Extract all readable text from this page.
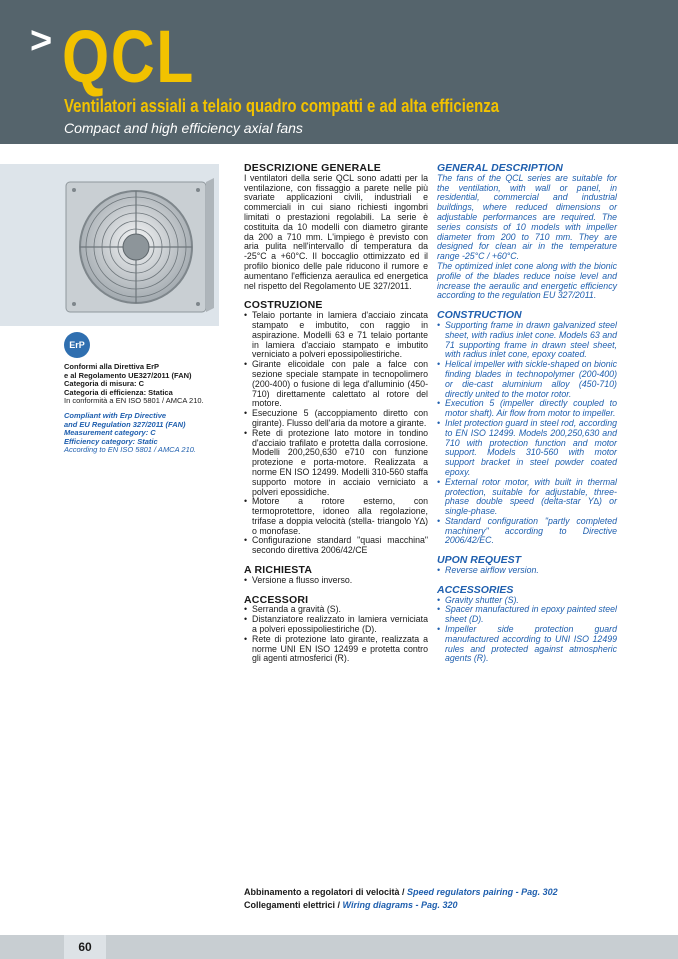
> QCL
Ventilatori assiali a telaio quadro compatti e ad alta efficienza
Compact and high efficiency axial fans
ErP
Conformi alla Direttiva ErP
e al Regolamento UE327/2011 (FAN)
Categoria di misura: C
Categoria di efficienza: Statica
In conformità a EN ISO 5801 / AMCA 210.
Compliant with Erp Directive
and EU Regulation 327/2011 (FAN)
Measurement category: C
Efficiency category: Static
According to EN ISO 5801 / AMCA 210.
DESCRIZIONE GENERALE

I ventilatori della serie QCL sono adatti per la ventilazione, con fissaggio a parete nelle più svariate applicazioni civili, industriali e commerciali in cui siano richiesti ingombri limitati o prestazioni regolabili. La serie è costituita da 10 modelli con diametro girante da 200 a 710 mm. L'impiego è previsto con aria pulita nell'intervallo di temperatura da -25°C a +60°C. Il boccaglio ottimizzato ed il profilo bionico delle pale riducono il rumore e aumentano l'efficienza aeraulica ed energetica nel rispetto del Regolamento UE 327/2011.

COSTRUZIONE
• Telaio portante in lamiera d'acciaio zincata stampato e imbutito, con raggio in aspirazione. Modelli 63 e 71 telaio portante in lamiera d'acciaio stampato e imbutito verniciato a polveri epossipoliestiriche.
• Girante elicoidale con pale a falce con sezione speciale stampate in tecnopolimero (200-400) o fusione di lega d'alluminio (450-710) direttamente calettato al rotore del motore.
• Esecuzione 5 (accoppiamento diretto con girante). Flusso dell'aria da motore a girante.
• Rete di protezione lato motore in tondino d'acciaio trafilato e protetta dalla corrosione. Modelli 200,250,630 e710 con funzione protezione e porta-motore. Realizzata a norme EN ISO 12499. Modelli 310-560 staffa supporto motore in acciaio verniciato a polveri epossidiche.
• Motore a rotore esterno, con termoprotettore, idoneo alla regolazione, trifase a doppia velocità (stella- triangolo Y∆) o monofase.
• Configurazione standard "quasi macchina" secondo direttiva 2006/42/CE
A RICHIESTA
• Versione a flusso inverso.
ACCESSORI
• Serranda a gravità (S).
• Distanziatore realizzato in lamiera verniciata a polveri epossipoliestiriche (D).
• Rete di protezione lato girante, realizzata a norme UNI EN ISO 12499 e protetta contro gli agenti atmosferici (R).
GENERAL DESCRIPTION

The fans of the QCL series are suitable for the ventilation, with wall or panel, in residential, commercial and industrial buildings, where reduced dimensions or adjustable performances are required. The series consists of 10 models with impeller diameter from 200 to 710 mm. They are designed for clean air in the temperature range -25°C / +60°C.

The optimized inlet cone along with the bionic profile of the blades reduce noise level and increase the aeraulic and energetic efficiency according to the regulation EU 327/2011.

CONSTRUCTION
• Supporting frame in drawn galvanized steel sheet, with radius inlet cone. Models 63 and 71 supporting frame in drawn steel sheet, with radius inlet cone, epoxy coated.
• Helical impeller with sickle-shaped on bionic finding blades in technopolymer (200-400) or die-cast aluminium alloy (450-710) directly united to the motor rotor.
• Execution 5 (impeller directly coupled to motor shaft). Air flow from motor to impeller.
• Inlet protection guard in steel rod, according to EN ISO 12499. Models 200,250,630 and 710 with protection function and motor support. Models 310-560 with motor support bracket in steel powder coated epoxy.
• External rotor motor, with built in thermal protection, suitable for adjustable, three-phase double speed (delta-star Y∆) or single-phase.
• Standard configuration "partly completed machinery" according to Directive 2006/42/EC.
UPON REQUEST
• Reverse airflow version.
ACCESSORIES
• Gravity shutter (S).
• Spacer manufactured in epoxy painted steel sheet (D).
• Impeller side protection guard manufactured according to UNI ISO 12499 rules and protected against atmospheric agents (R).
Abbinamento a regolatori di velocità / Speed regulators pairing - Pag. 302
Collegamenti elettrici / Wiring diagrams - Pag. 320
60
